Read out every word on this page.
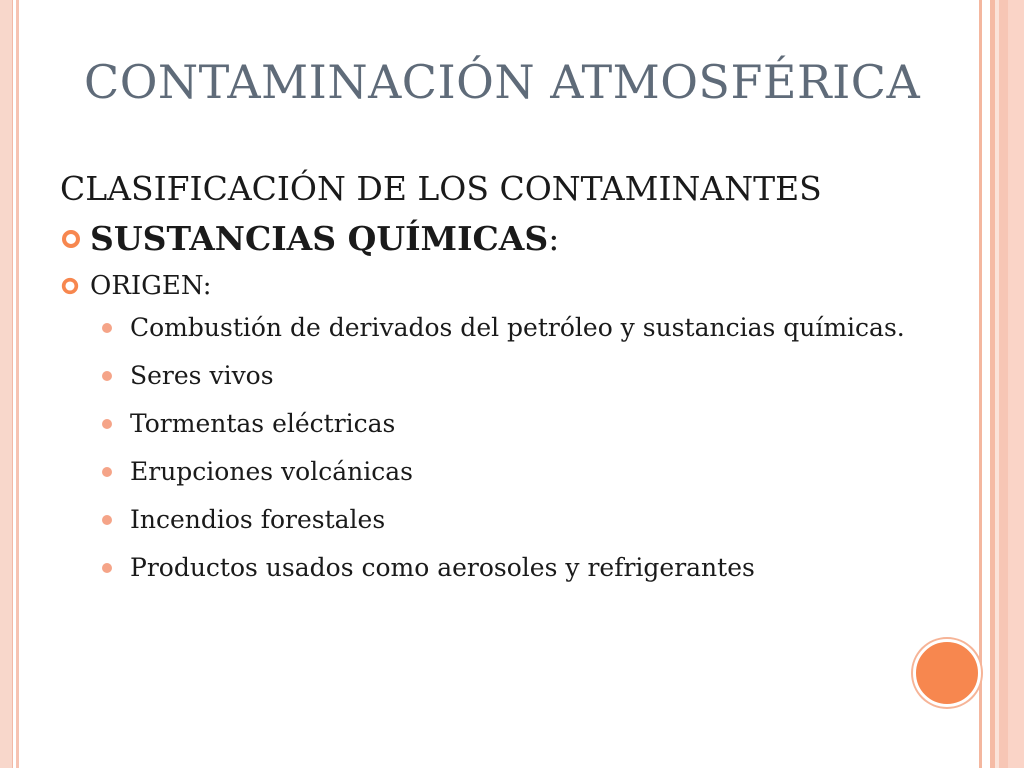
CONTAMINACIÓN ATMOSFÉRICA
CLASIFICACIÓN DE LOS CONTAMINANTES
SUSTANCIAS QUÍMICAS :
ORIGEN:
Combustión de derivados del petróleo y sustancias químicas.
Seres vivos
Tormentas eléctricas
Erupciones volcánicas
Incendios forestales
Productos usados como aerosoles y refrigerantes
